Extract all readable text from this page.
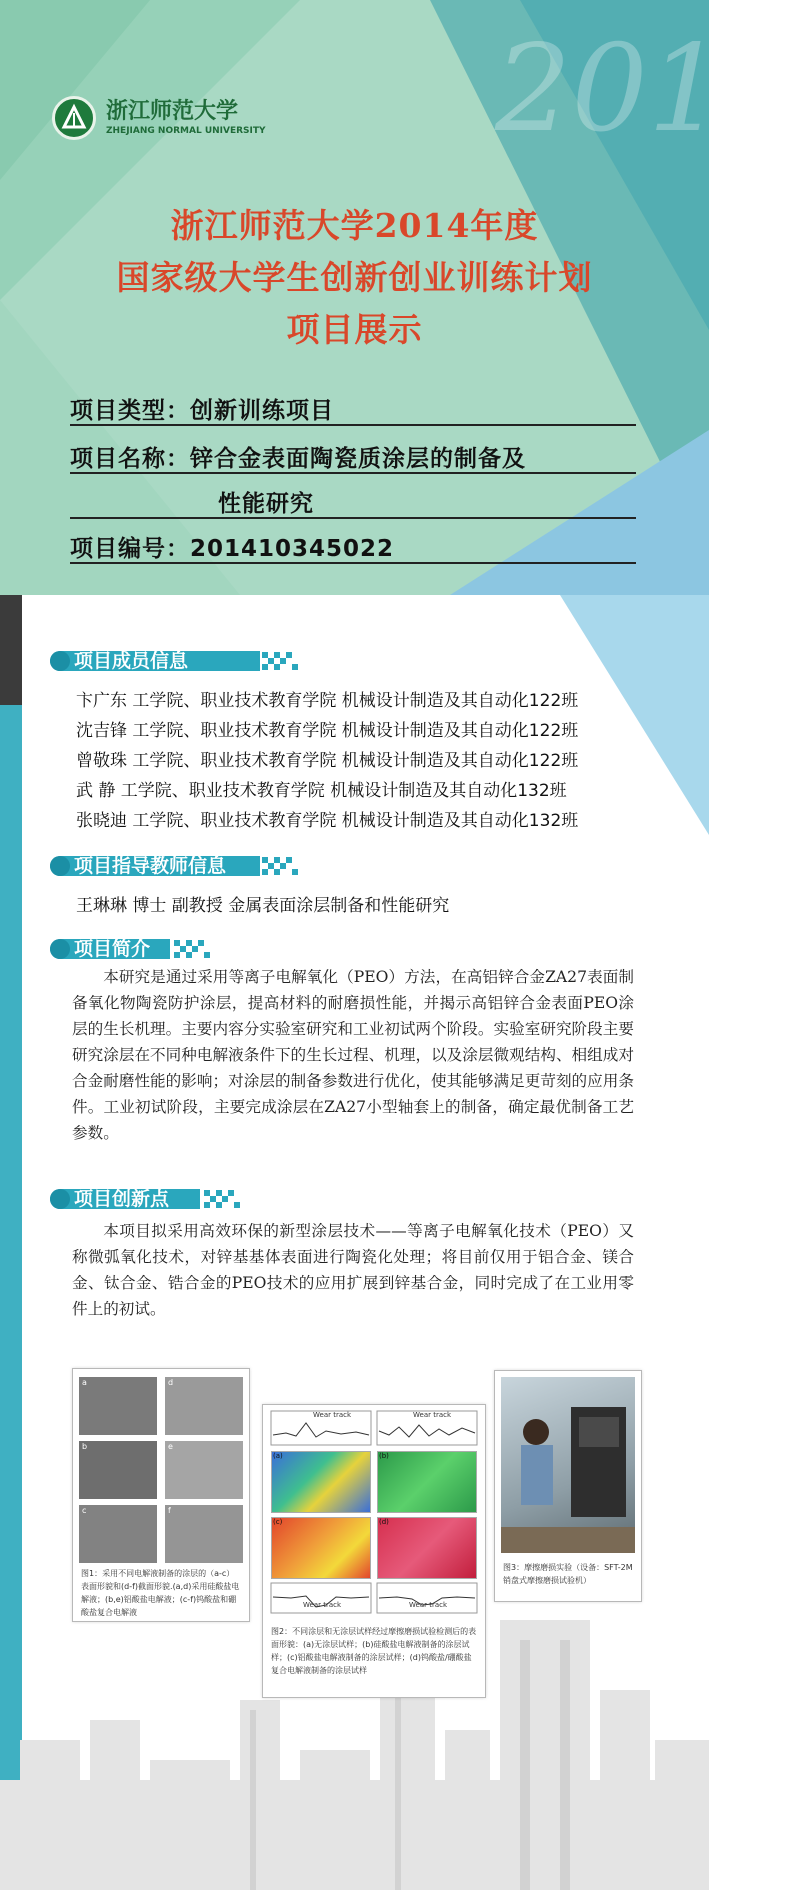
2016
浙江师范大学
ZHEJIANG NORMAL UNIVERSITY
浙江师范大学2014年度
国家级大学生创新创业训练计划
项目展示
项目类型：创新训练项目
项目名称：锌合金表面陶瓷质涂层的制备及
性能研究
项目编号：201410345022
项目成员信息
卞广东 工学院、职业技术教育学院 机械设计制造及其自动化122班
沈吉锋 工学院、职业技术教育学院 机械设计制造及其自动化122班
曾敬珠 工学院、职业技术教育学院 机械设计制造及其自动化122班
武 静 工学院、职业技术教育学院 机械设计制造及其自动化132班
张晓迪 工学院、职业技术教育学院 机械设计制造及其自动化132班
项目指导教师信息
王琳琳 博士 副教授 金属表面涂层制备和性能研究
项目简介
本研究是通过采用等离子电解氧化（PEO）方法，在高铝锌合金ZA27表面制备氧化物陶瓷防护涂层，提高材料的耐磨损性能，并揭示高铝锌合金表面PEO涂层的生长机理。主要内容分实验室研究和工业初试两个阶段。实验室研究阶段主要研究涂层在不同种电解液条件下的生长过程、机理，以及涂层微观结构、相组成对合金耐磨性能的影响；对涂层的制备参数进行优化，使其能够满足更苛刻的应用条件。工业初试阶段，主要完成涂层在ZA27小型轴套上的制备，确定最优制备工艺参数。
项目创新点
本项目拟采用高效环保的新型涂层技术——等离子电解氧化技术（PEO）又称微弧氧化技术，对锌基基体表面进行陶瓷化处理；将目前仅用于铝合金、镁合金、钛合金、锆合金的PEO技术的应用扩展到锌基合金，同时完成了在工业用零件上的初试。
a	d
b	e
c	f
图1：采用不同电解液制备的涂层的（a-c）表面形貌和(d-f)截面形貌.(a,d)采用硅酸盐电解液；(b,e)铝酸盐电解液；(c-f)钨酸盐和硼酸盐复合电解液
Wear track	Wear track
(a)	(b)
(c)	(d)
Wear track	Wear track
图2：不同涂层和无涂层试样经过摩擦磨损试验检测后的表面形貌：(a)无涂层试样；(b)硅酸盐电解液制备的涂层试样；(c)铝酸盐电解液制备的涂层试样；(d)钨酸盐/硼酸盐复合电解液制备的涂层试样
图3：摩擦磨损实验（设备：SFT-2M销盘式摩擦磨损试验机）
